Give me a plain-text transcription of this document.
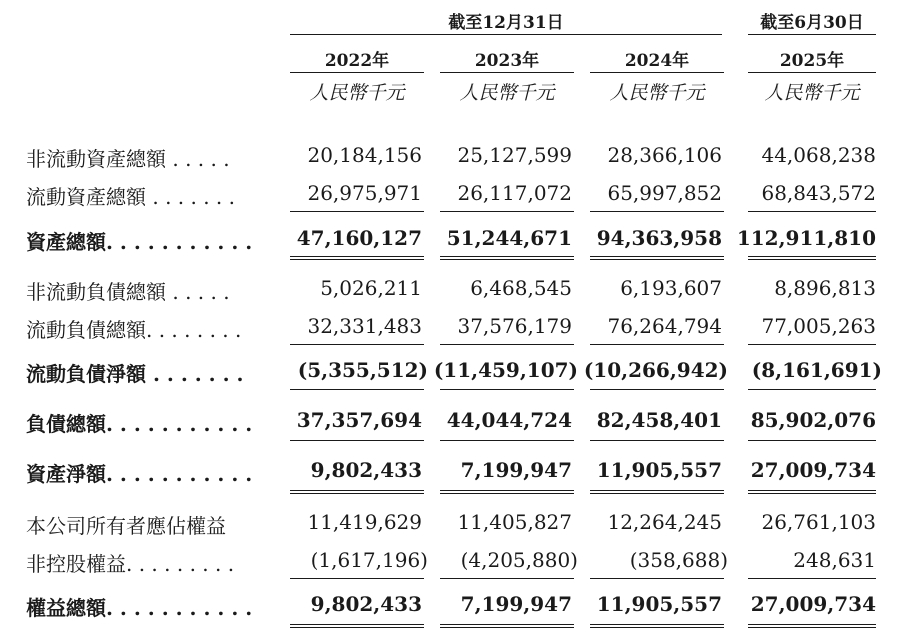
截至12月31日	截至6月30日
2022年	2023年	2024年	2025年
人民幣千元	人民幣千元	人民幣千元	人民幣千元
非流動資產總額 . . . . .	20,184,156 25,127,599 28,366,106 44,068,238
流動資產總額 . . . . . . .	26,975,971 26,117,072 65,997,852 68,843,572
資產總額. . . . . . . . . . . 47,160,127 51,244,671 94,363,958 112,911,810
非流動負債總額 . . . . .	5,026,211 6,468,545 6,193,607	8,896,813
流動負債總額. . . . . . . .	32,331,483 37,576,179 76,264,794 77,005,263
流動負債淨額 . . . . . . .	(5,355,512) (11,459,107) (10,266,942) (8,161,691)
負債總額. . . . . . . . . . . 37,357,694 44,044,724 82,458,401 85,902,076
資產淨額. . . . . . . . . . .	9,802,433 7,199,947 11,905,557 27,009,734
本公司所有者應佔權益	11,419,629 11,405,827 12,264,245 26,761,103
非控股權益. . . . . . . . .	(1,617,196) (4,205,880)	(358,688)	248,631
權益總額. . . . . . . . . . .	9,802,433 7,199,947 11,905,557 27,009,734
